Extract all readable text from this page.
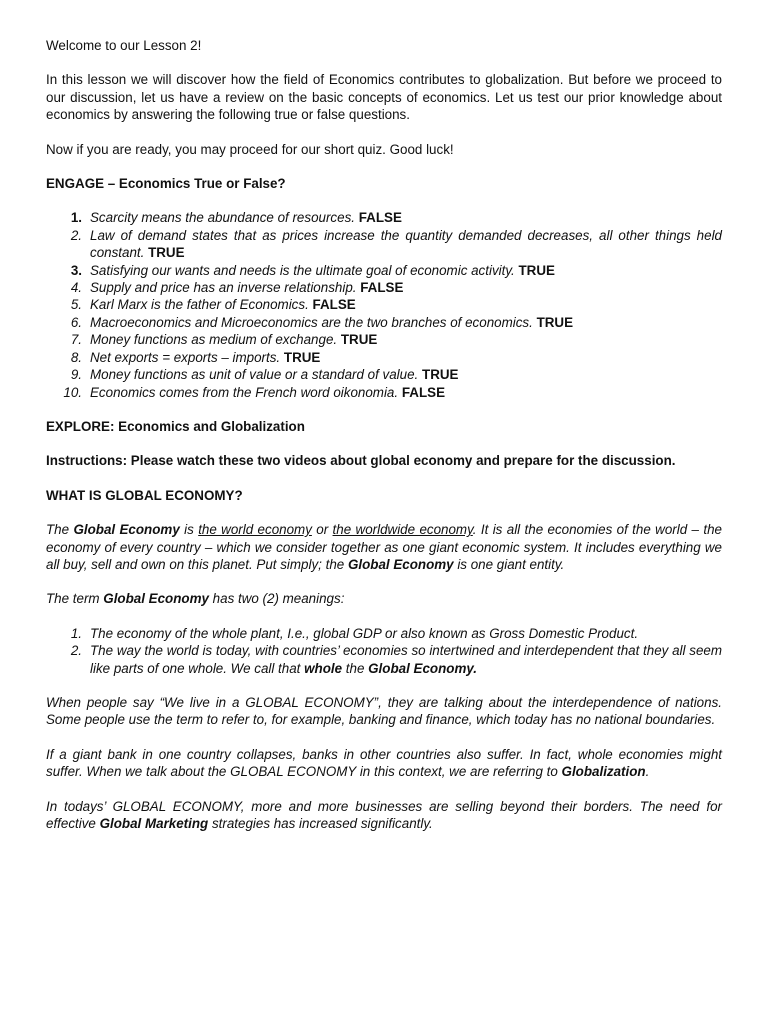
Welcome to our Lesson 2!

In this lesson we will discover how the field of Economics contributes to globalization. But before we proceed to our discussion, let us have a review on the basic concepts of economics. Let us test our prior knowledge about economics by answering the following true or false questions.

Now if you are ready, you may proceed for our short quiz. Good luck!

ENGAGE – Economics True or False?

1. Scarcity means the abundance of resources. FALSE
2. Law of demand states that as prices increase the quantity demanded decreases, all other things held constant. TRUE
3. Satisfying our wants and needs is the ultimate goal of economic activity. TRUE
4. Supply and price has an inverse relationship. FALSE
5. Karl Marx is the father of Economics. FALSE
6. Macroeconomics and Microeconomics are the two branches of economics. TRUE
7. Money functions as medium of exchange. TRUE
8. Net exports = exports – imports. TRUE
9. Money functions as unit of value or a standard of value. TRUE
10. Economics comes from the French word oikonomia. FALSE

EXPLORE: Economics and Globalization

Instructions: Please watch these two videos about global economy and prepare for the discussion.

WHAT IS GLOBAL ECONOMY?

The Global Economy is the world economy or the worldwide economy. It is all the economies of the world – the economy of every country – which we consider together as one giant economic system. It includes everything we all buy, sell and own on this planet. Put simply; the Global Economy is one giant entity.

The term Global Economy has two (2) meanings:

1. The economy of the whole plant, I.e., global GDP or also known as Gross Domestic Product.
2. The way the world is today, with countries’ economies so intertwined and interdependent that they all seem like parts of one whole. We call that whole the Global Economy.

When people say “We live in a GLOBAL ECONOMY”, they are talking about the interdependence of nations. Some people use the term to refer to, for example, banking and finance, which today has no national boundaries.

If a giant bank in one country collapses, banks in other countries also suffer. In fact, whole economies might suffer. When we talk about the GLOBAL ECONOMY in this context, we are referring to Globalization.

In todays’ GLOBAL ECONOMY, more and more businesses are selling beyond their borders. The need for effective Global Marketing strategies has increased significantly.
